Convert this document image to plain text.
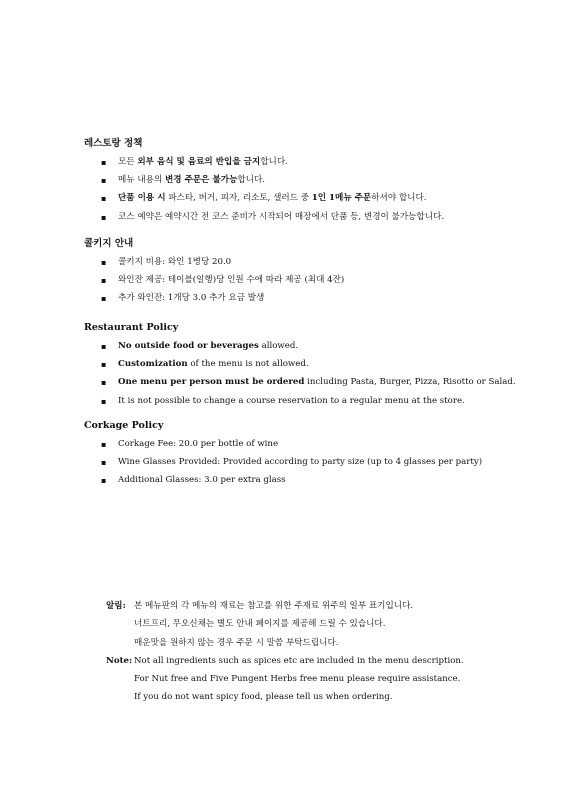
레스토랑 정책
▪ 모든 외부 음식 및 음료의 반입을 금지합니다.
▪ 메뉴 내용의 변경 주문은 불가능합니다.
▪ 단품 이용 시 파스타, 버거, 피자, 리소토, 샐러드 중 1인 1메뉴 주문하셔야 합니다.
▪ 코스 예약은 예약시간 전 코스 준비가 시작되어 매장에서 단품 등, 변경이 불가능합니다.
콜키지 안내
▪ 콜키지 비용: 와인 1병당 20.0
▪ 와인잔 제공: 테이블(일행)당 인원 수에 따라 제공 (최대 4잔)
▪ 추가 와인잔: 1개당 3.0 추가 요금 발생
Restaurant Policy
▪ No outside food or beverages allowed.
▪ Customization of the menu is not allowed.
▪ One menu per person must be ordered including Pasta, Burger, Pizza, Risotto or Salad.
▪ It is not possible to change a course reservation to a regular menu at the store.
Corkage Policy
▪ Corkage Fee: 20.0 per bottle of wine
▪ Wine Glasses Provided: Provided according to party size (up to 4 glasses per party)
▪ Additional Glasses: 3.0 per extra glass
알림: 본 메뉴판의 각 메뉴의 재료는 참고를 위한 주재료 위주의 일부 표기입니다.
너트프리, 무오신채는 별도 안내 페이지를 제공해 드릴 수 있습니다.
매운맛을 원하지 않는 경우 주문 시 말씀 부탁드립니다.
Note: Not all ingredients such as spices etc are included in the menu description.
For Nut free and Five Pungent Herbs free menu please require assistance.
If you do not want spicy food, please tell us when ordering.
